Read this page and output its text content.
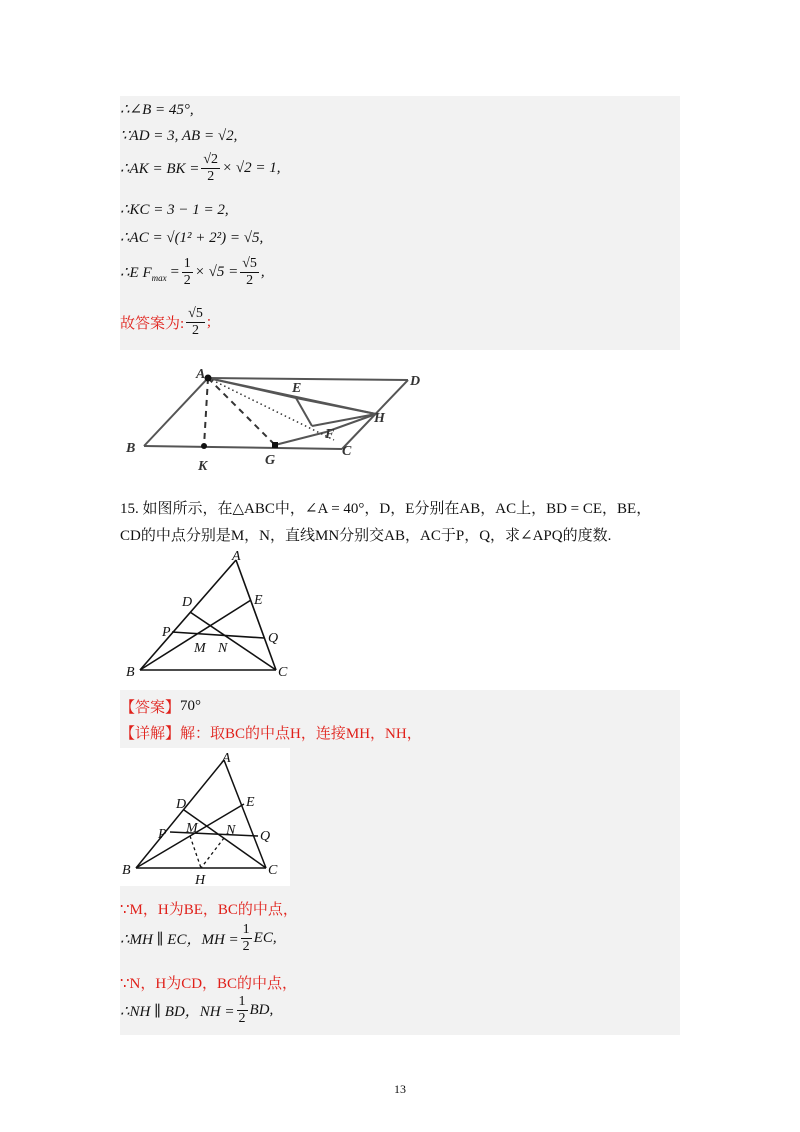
∴∠B = 45°,
∵AD = 3, AB = √2,
∴AK = BK = $\frac{√2}{2} \times √2 = 1$,
∴KC = 3 − 1 = 2,
∴AC = √(1² + 2²) = √5,
∴E $F_{max} = \frac{1}{2} \times √5 = \frac{√5}{2}$ ,
故答案为: $\frac{√5}{2}$ ;
A	D
E
H
F
B
K	G
C
15. 如图所示，在△ABC中，∠A = 40°，D，E分别在AB，AC上，BD = CE，BE，
CD的中点分别是M，N，直线MN分别交AB，AC于P，Q，求∠APQ的度数.
A
D	E
P	Q
M N
B	C
【答案】 70°
【详解】 解：取BC的中点H，连接MH，NH，
A
D	E
P M N Q
B
H
C
∵M，H为BE，BC的中点，
∴MH ∥ EC，MH = $\frac{1}{2}$ EC,
∵N，H为CD，BC的中点，
∴NH ∥ BD，NH = $\frac{1}{2}$ BD,
13
